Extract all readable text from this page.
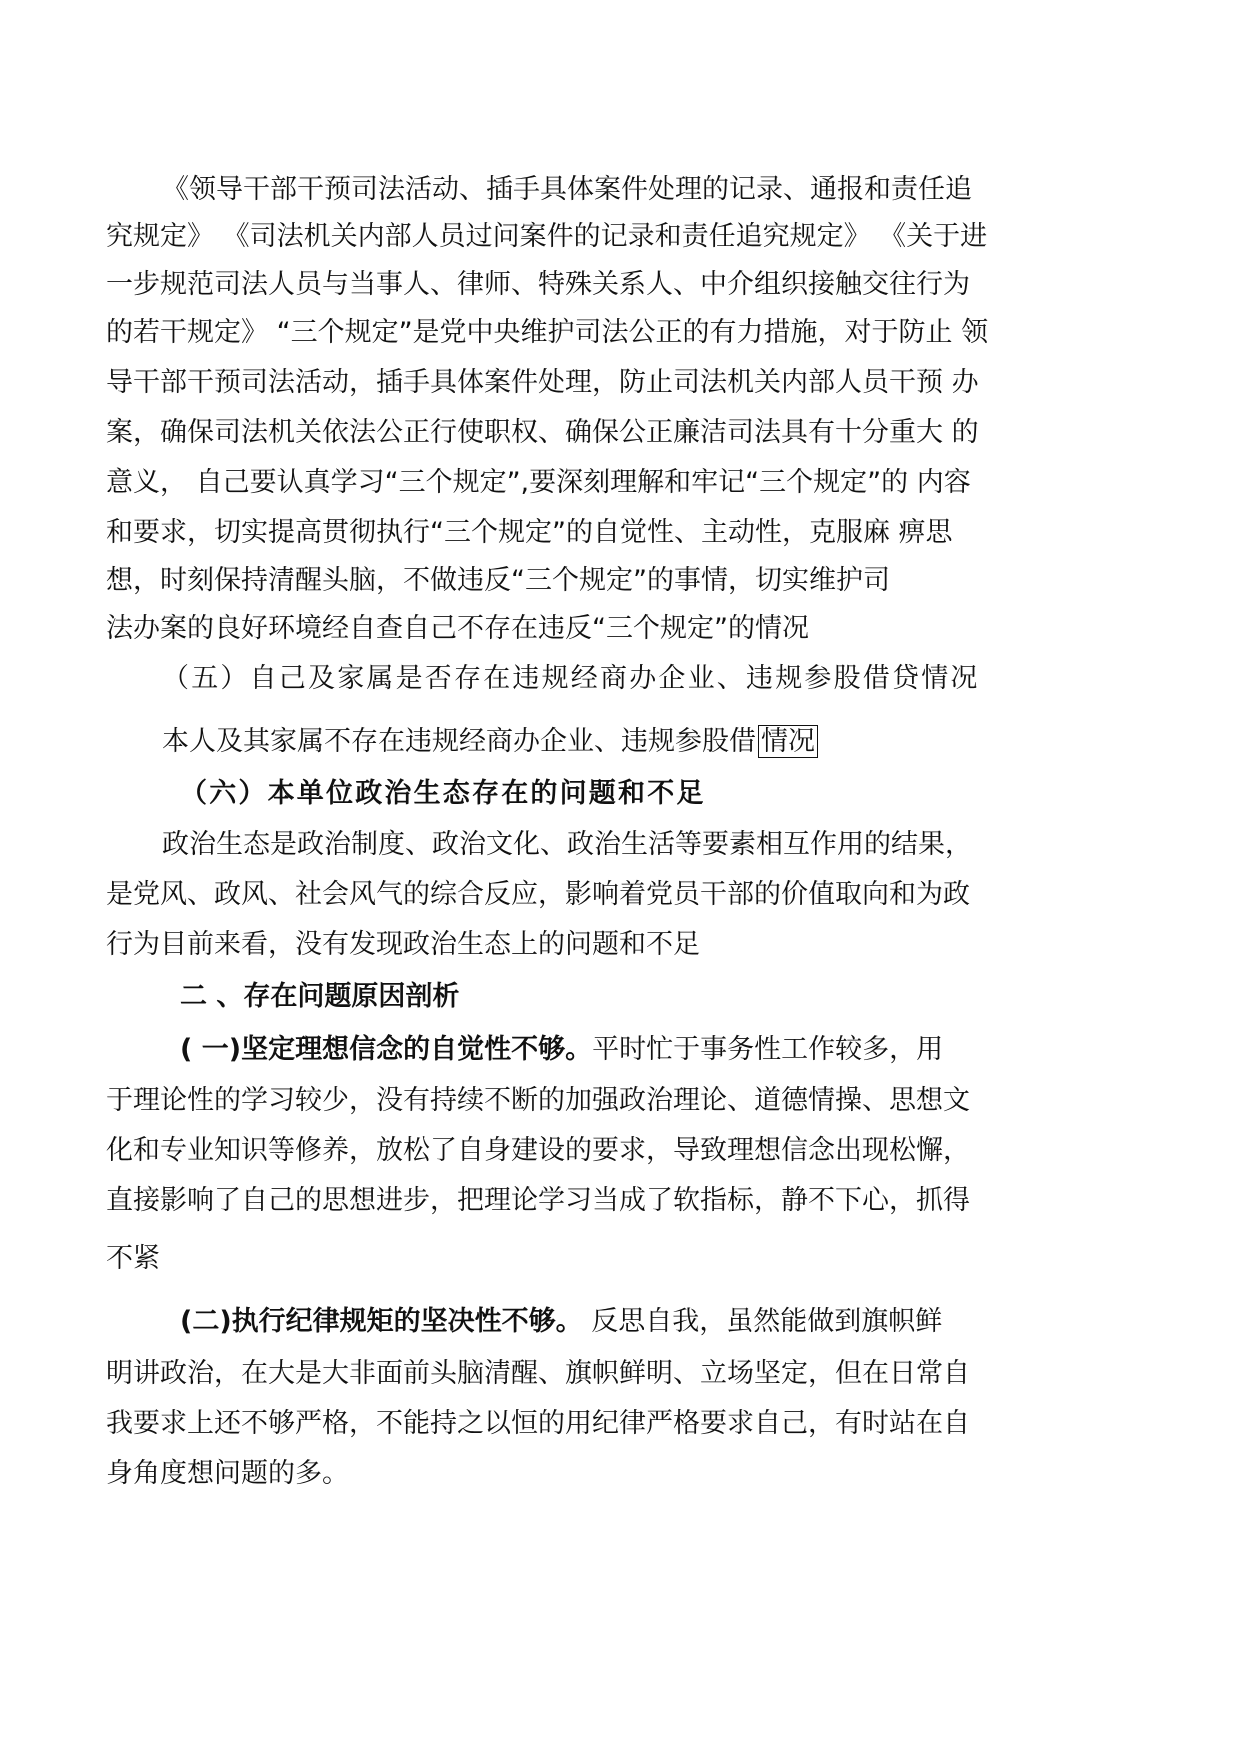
《领导干部干预司法活动、插手具体案件处理的记录、通报和责任追

究规定》 《司法机关内部人员过问案件的记录和责任追究规定》 《关于进

一步规范司法人员与当事人、律师、特殊关系人、中介组织接触交往行为

的若干规定》 “三个规定”是党中央维护司法公正的有力措施，对于防止 领

导干部干预司法活动，插手具体案件处理，防止司法机关内部人员干预 办

案，确保司法机关依法公正行使职权、确保公正廉洁司法具有十分重大 的

意义， 自己要认真学习“三个规定”,要深刻理解和牢记“三个规定”的 内容

和要求，切实提高贯彻执行“三个规定”的自觉性、主动性，克服麻 痹思

想，时刻保持清醒头脑，不做违反“三个规定”的事情，切实维护司

法办案的良好环境经自查自己不存在违反“三个规定”的情况

（五）自己及家属是否存在违规经商办企业、违规参股借贷情况

本人及其家属不存在违规经商办企业、违规参股借 情况

（六）本单位政治生态存在的问题和不足

政治生态是政治制度、政治文化、政治生活等要素相互作用的结果，

是党风、政风、社会风气的综合反应，影响着党员干部的价值取向和为政

行为目前来看，没有发现政治生态上的问题和不足

二 、存在问题原因剖析

( 一)坚定理想信念的自觉性不够。平时忙于事务性工作较多，用

于理论性的学习较少，没有持续不断的加强政治理论、道德情操、思想文

化和专业知识等修养，放松了自身建设的要求，导致理想信念出现松懈，

直接影响了自己的思想进步，把理论学习当成了软指标，静不下心，抓得

不紧

(二)执行纪律规矩的坚决性不够。 反思自我，虽然能做到旗帜鲜

明讲政治，在大是大非面前头脑清醒、旗帜鲜明、立场坚定，但在日常自

我要求上还不够严格，不能持之以恒的用纪律严格要求自己，有时站在自

身角度想问题的多。
